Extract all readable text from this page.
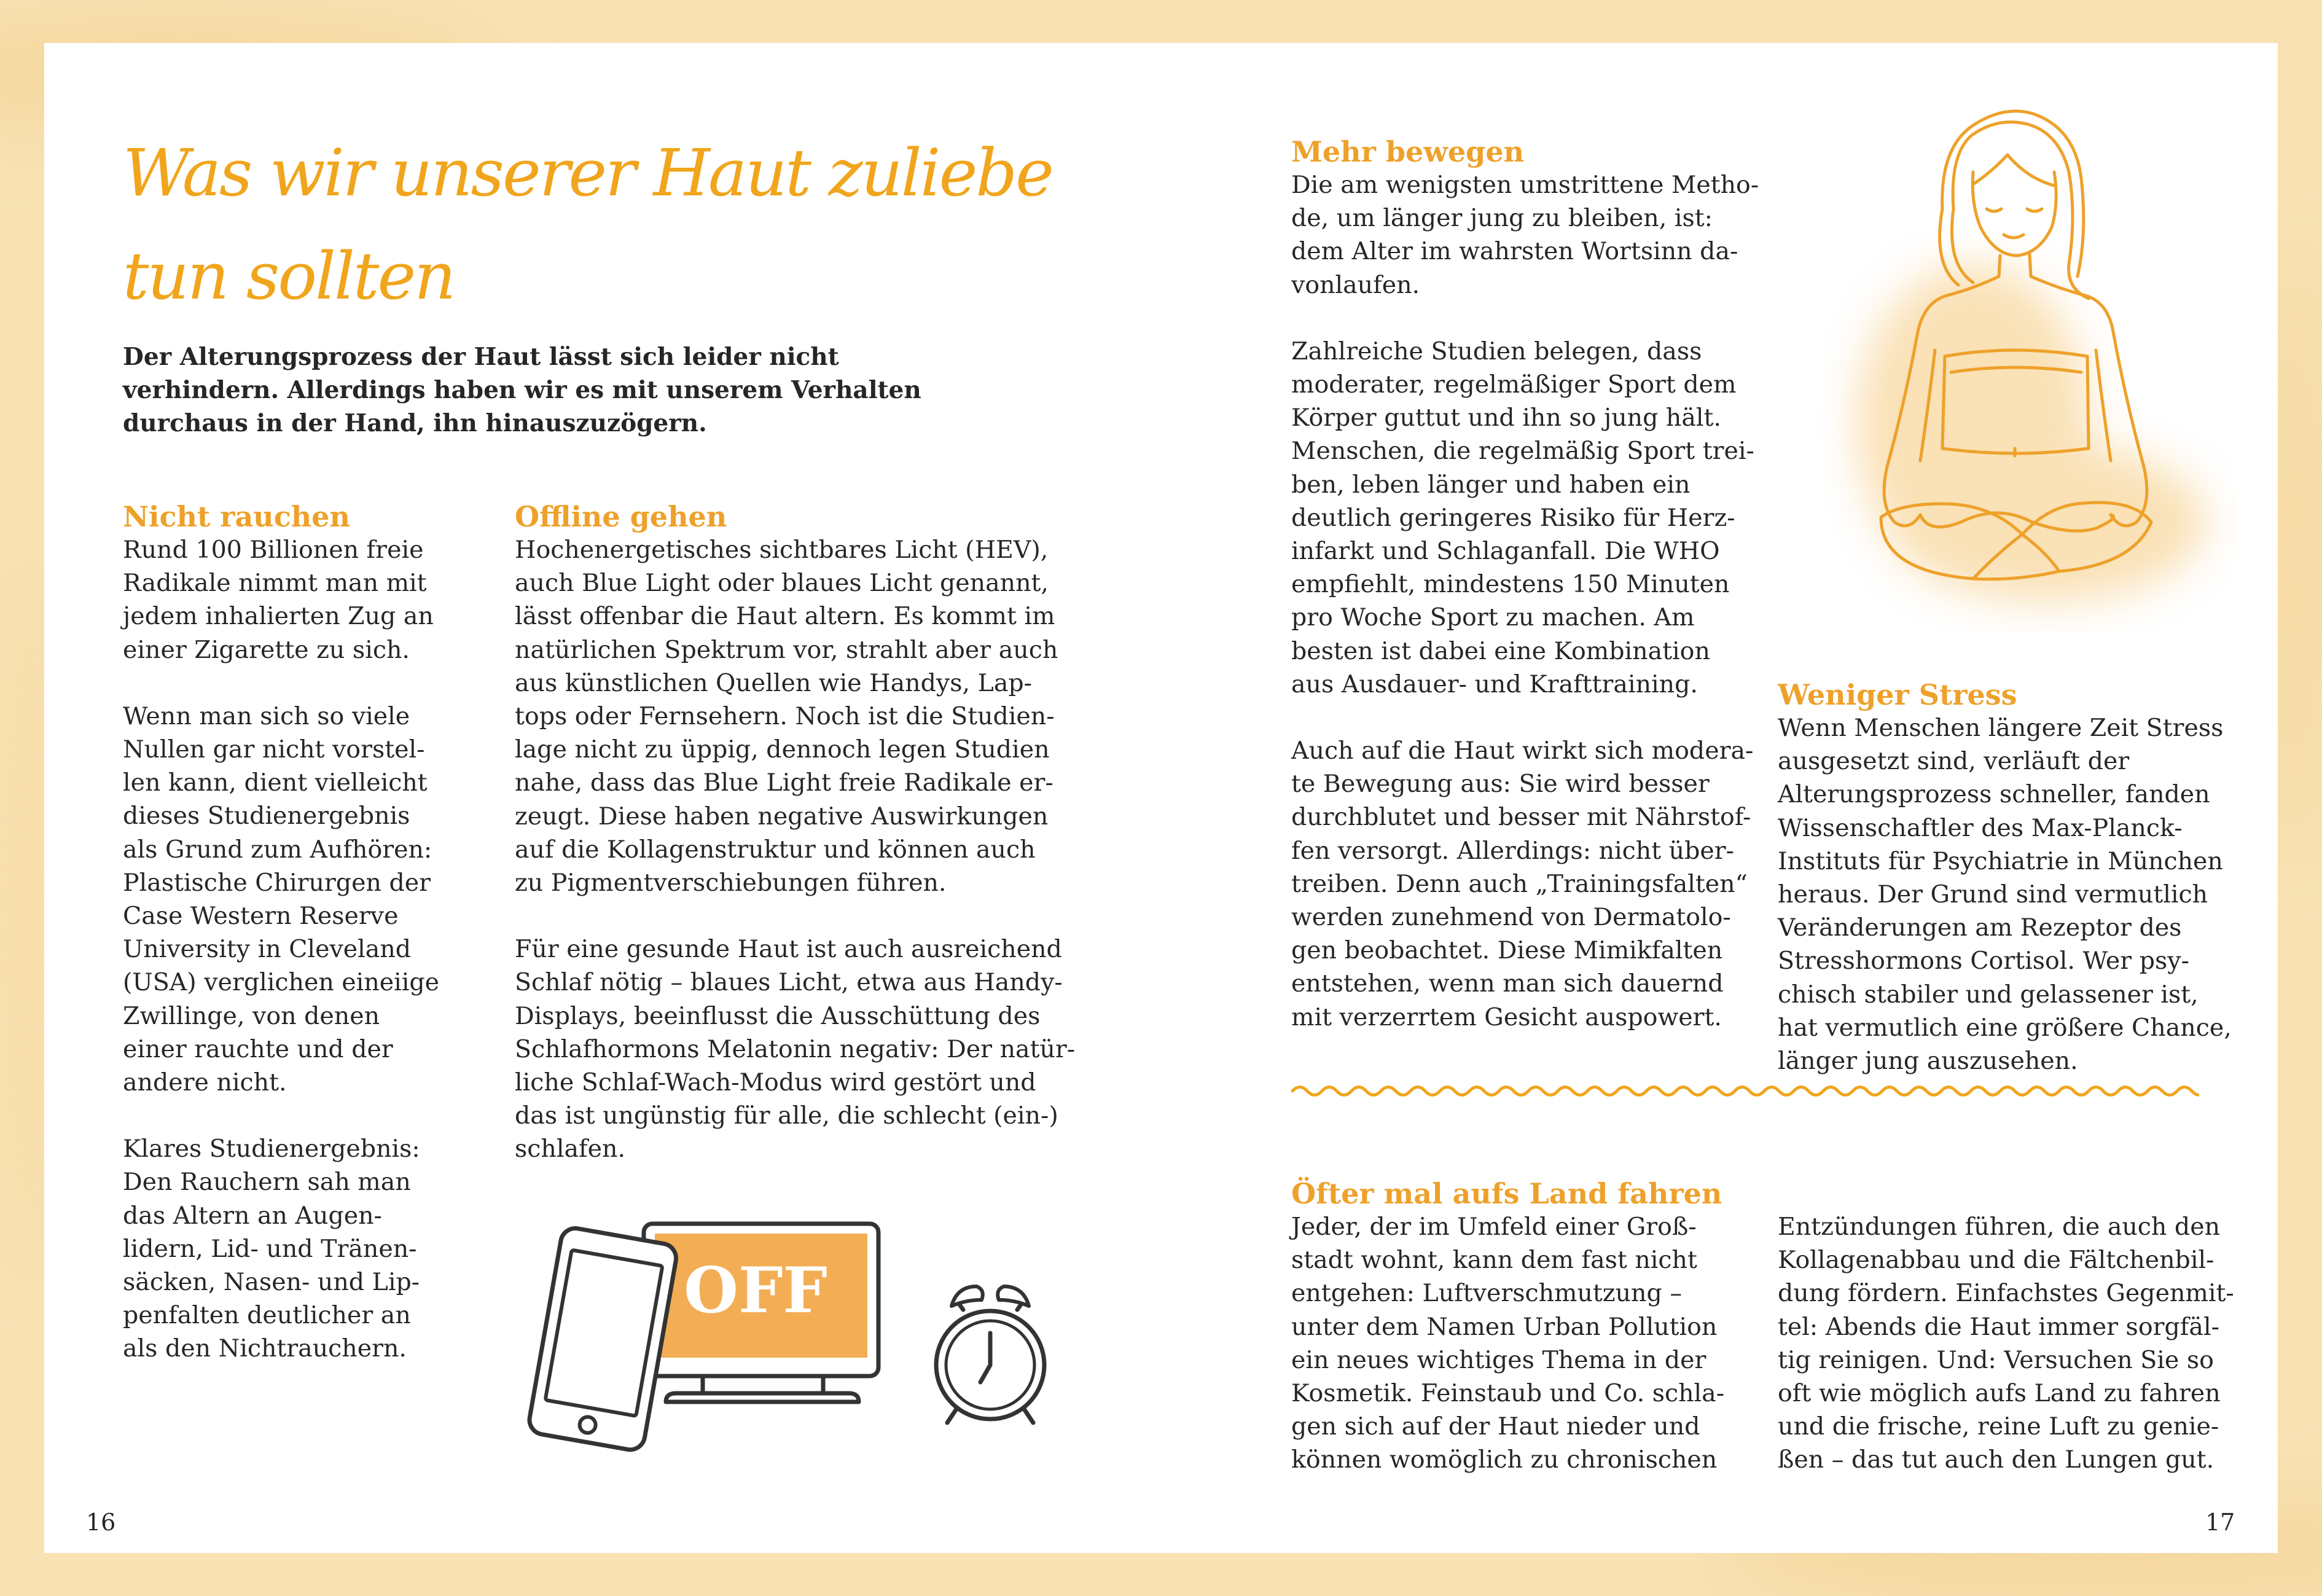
Was wir unserer Haut zuliebe
tun sollten
Der Alterungsprozess der Haut lässt sich leider nicht
verhindern. Allerdings haben wir es mit unserem Verhalten
durchaus in der Hand, ihn hinauszuzögern.
Nicht rauchen
Rund 100 Billionen freie
Radikale nimmt man mit
jedem inhalierten Zug an
einer Zigarette zu sich.
Wenn man sich so viele
Nullen gar nicht vorstel-
len kann, dient vielleicht
dieses Studienergebnis
als Grund zum Aufhören:
Plastische Chirurgen der
Case Western Reserve
University in Cleveland
(USA) verglichen eineiige
Zwillinge, von denen
einer rauchte und der
andere nicht.
Klares Studienergebnis:
Den Rauchern sah man
das Altern an Augen-
lidern, Lid- und Tränen-
säcken, Nasen- und Lip-
penfalten deutlicher an
als den Nichtrauchern.
Offline gehen
Hochenergetisches sichtbares Licht (HEV),
auch Blue Light oder blaues Licht genannt,
lässt offenbar die Haut altern. Es kommt im
natürlichen Spektrum vor, strahlt aber auch
aus künstlichen Quellen wie Handys, Lap-
tops oder Fernsehern. Noch ist die Studien-
lage nicht zu üppig, dennoch legen Studien
nahe, dass das Blue Light freie Radikale er-
zeugt. Diese haben negative Auswirkungen
auf die Kollagenstruktur und können auch
zu Pigmentverschiebungen führen.
Für eine gesunde Haut ist auch ausreichend
Schlaf nötig – blaues Licht, etwa aus Handy-
Displays, beeinflusst die Ausschüttung des
Schlafhormons Melatonin negativ: Der natür-
liche Schlaf-Wach-Modus wird gestört und
das ist ungünstig für alle, die schlecht (ein-)
schlafen.
OFF
16
Mehr bewegen
Die am wenigsten umstrittene Metho-
de, um länger jung zu bleiben, ist:
dem Alter im wahrsten Wortsinn da-
vonlaufen.
Zahlreiche Studien belegen, dass
moderater, regelmäßiger Sport dem
Körper guttut und ihn so jung hält.
Menschen, die regelmäßig Sport trei-
ben, leben länger und haben ein
deutlich geringeres Risiko für Herz-
infarkt und Schlaganfall. Die WHO
empfiehlt, mindestens 150 Minuten
pro Woche Sport zu machen. Am
besten ist dabei eine Kombination
aus Ausdauer- und Krafttraining.
Auch auf die Haut wirkt sich modera-
te Bewegung aus: Sie wird besser
durchblutet und besser mit Nährstof-
fen versorgt. Allerdings: nicht über-
treiben. Denn auch „Trainingsfalten“
werden zunehmend von Dermatolo-
gen beobachtet. Diese Mimikfalten
entstehen, wenn man sich dauernd
mit verzerrtem Gesicht auspowert.
Weniger Stress
Wenn Menschen längere Zeit Stress
ausgesetzt sind, verläuft der
Alterungsprozess schneller, fanden
Wissenschaftler des Max-Planck-
Instituts für Psychiatrie in München
heraus. Der Grund sind vermutlich
Veränderungen am Rezeptor des
Stresshormons Cortisol. Wer psy-
chisch stabiler und gelassener ist,
hat vermutlich eine größere Chance,
länger jung auszusehen.
Öfter mal aufs Land fahren
Jeder, der im Umfeld einer Groß-
stadt wohnt, kann dem fast nicht
entgehen: Luftverschmutzung –
unter dem Namen Urban Pollution
ein neues wichtiges Thema in der
Kosmetik. Feinstaub und Co. schla-
gen sich auf der Haut nieder und
können womöglich zu chronischen
Entzündungen führen, die auch den
Kollagenabbau und die Fältchenbil-
dung fördern. Einfachstes Gegenmit-
tel: Abends die Haut immer sorgfäl-
tig reinigen. Und: Versuchen Sie so
oft wie möglich aufs Land zu fahren
und die frische, reine Luft zu genie-
ßen – das tut auch den Lungen gut.
17
